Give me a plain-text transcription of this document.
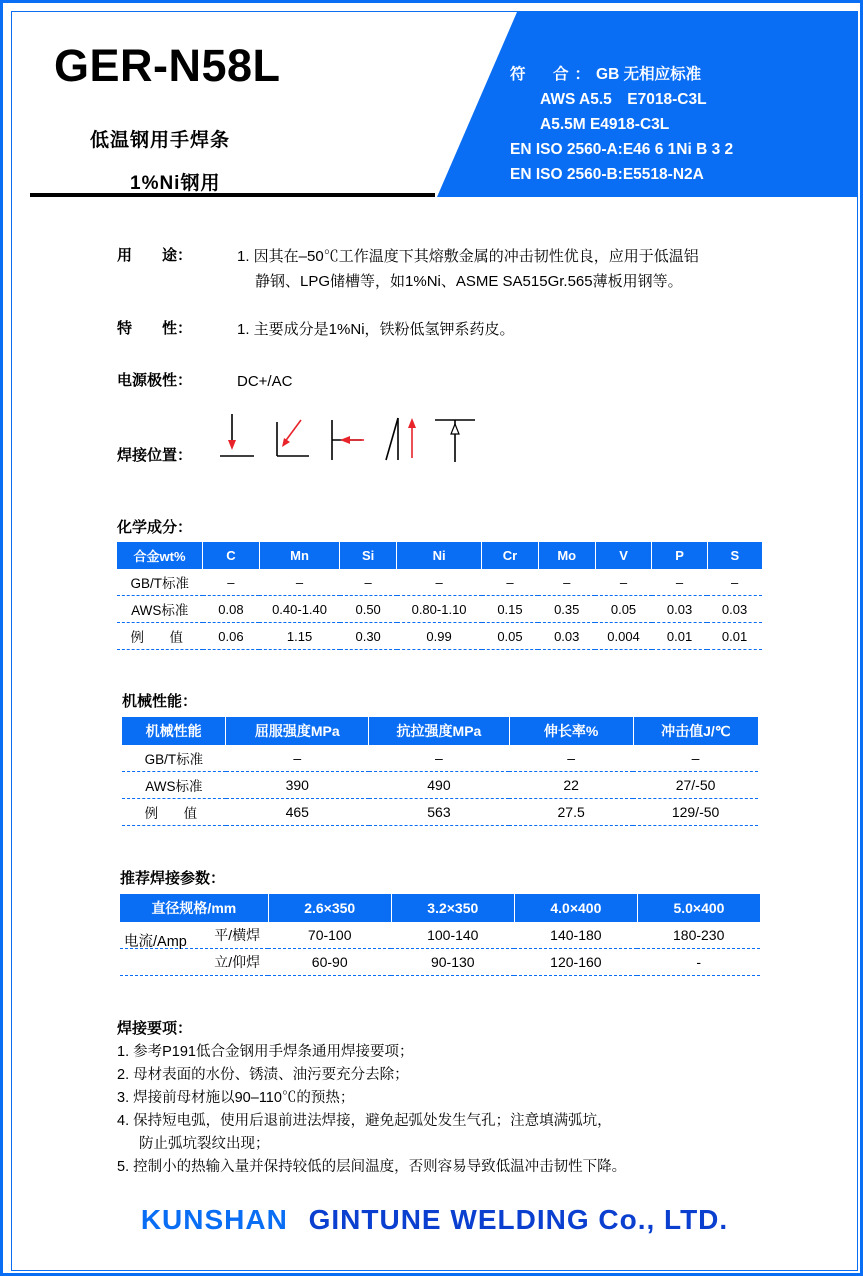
GER-N58L
低温钢用手焊条
1%Ni钢用
符　合：GB 无相应标准
AWS A5.5　E7018-C3L
A5.5M E4918-C3L
EN ISO 2560-A:E46 6 1Ni B 3 2
EN ISO 2560-B:E5518-N2A
用　　途：	1. 因其在–50℃工作温度下其熔敷金属的冲击韧性优良，应用于低温铝
静钢、LPG储槽等，如1%Ni、ASME SA515Gr.565薄板用钢等。
特　　性：	1. 主要成分是1%Ni，铁粉低氢钾系药皮。
电源极性：	DC+/AC
焊接位置：
化学成分：
合金wt%	C	Mn	Si	Ni	Cr	Mo	V	P	S
GB/T标准	–	–	–	–	–	–	–	–	–
AWS标准	0.08	0.40-1.40	0.50	0.80-1.10	0.15	0.35	0.05	0.03	0.03
例　值	0.06	1.15	0.30	0.99	0.05	0.03	0.004	0.01	0.01
机械性能：
机械性能	屈服强度MPa	抗拉强度MPa	伸长率%	冲击值J/℃
GB/T标准	–	–	–	–
AWS标准	390	490	22	27/-50
例　值	465	563	27.5	129/-50
推荐焊接参数：
直径规格/mm	2.6×350	3.2×350	4.0×400	5.0×400
平/横焊	70-100	100-140	140-180	180-230
立/仰焊	60-90	90-130	120-160	-
电流/Amp
焊接要项：
1. 参考P191低合金钢用手焊条通用焊接要项；
2. 母材表面的水份、锈渍、油污要充分去除；
3. 焊接前母材施以90–110℃的预热；
4. 保持短电弧，使用后退前进法焊接，避免起弧处发生气孔；注意填满弧坑，
防止弧坑裂纹出现；
5. 控制小的热输入量并保持较低的层间温度，否则容易导致低温冲击韧性下降。
KUNSHAN GINTUNE WELDING Co., LTD.
